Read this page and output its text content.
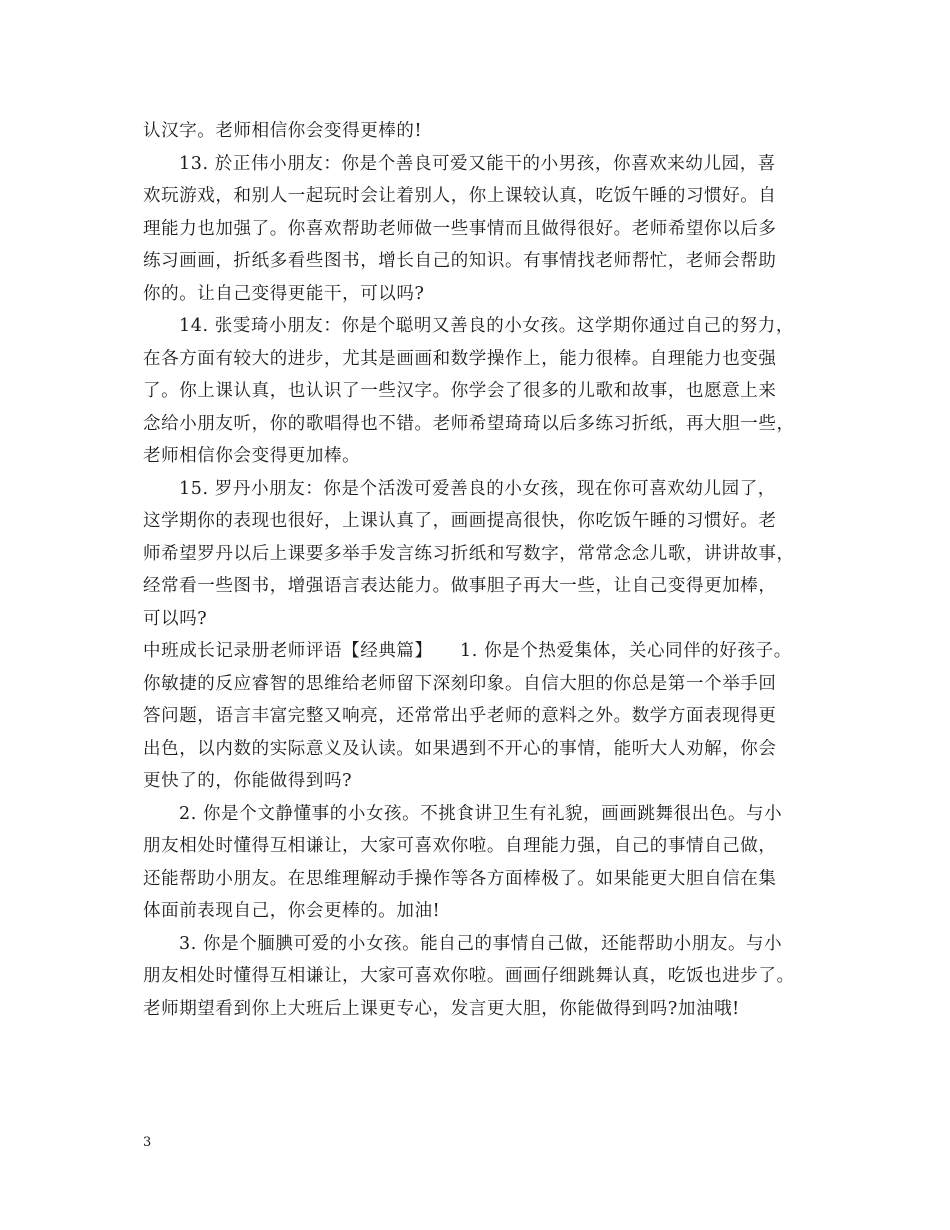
认汉字。老师相信你会变得更棒的!
13. 於正伟小朋友：你是个善良可爱又能干的小男孩，你喜欢来幼儿园，喜
欢玩游戏，和别人一起玩时会让着别人，你上课较认真，吃饭午睡的习惯好。自
理能力也加强了。你喜欢帮助老师做一些事情而且做得很好。老师希望你以后多
练习画画，折纸多看些图书，增长自己的知识。有事情找老师帮忙，老师会帮助
你的。让自己变得更能干，可以吗?
14. 张雯琦小朋友：你是个聪明又善良的小女孩。这学期你通过自己的努力，
在各方面有较大的进步，尤其是画画和数学操作上，能力很棒。自理能力也变强
了。你上课认真，也认识了一些汉字。你学会了很多的儿歌和故事，也愿意上来
念给小朋友听，你的歌唱得也不错。老师希望琦琦以后多练习折纸，再大胆一些，
老师相信你会变得更加棒。
15. 罗丹小朋友：你是个活泼可爱善良的小女孩，现在你可喜欢幼儿园了，
这学期你的表现也很好，上课认真了，画画提高很快，你吃饭午睡的习惯好。老
师希望罗丹以后上课要多举手发言练习折纸和写数字，常常念念儿歌，讲讲故事，
经常看一些图书，增强语言表达能力。做事胆子再大一些，让自己变得更加棒，
可以吗?
中班成长记录册老师评语【经典篇】　　1. 你是个热爱集体，关心同伴的好孩子。
你敏捷的反应睿智的思维给老师留下深刻印象。自信大胆的你总是第一个举手回
答问题，语言丰富完整又响亮，还常常出乎老师的意料之外。数学方面表现得更
出色，以内数的实际意义及认读。如果遇到不开心的事情，能听大人劝解，你会
更快了的，你能做得到吗?
2. 你是个文静懂事的小女孩。不挑食讲卫生有礼貌，画画跳舞很出色。与小
朋友相处时懂得互相谦让，大家可喜欢你啦。自理能力强，自己的事情自己做，
还能帮助小朋友。在思维理解动手操作等各方面棒极了。如果能更大胆自信在集
体面前表现自己，你会更棒的。加油!
3. 你是个腼腆可爱的小女孩。能自己的事情自己做，还能帮助小朋友。与小
朋友相处时懂得互相谦让，大家可喜欢你啦。画画仔细跳舞认真，吃饭也进步了。
老师期望看到你上大班后上课更专心，发言更大胆，你能做得到吗?加油哦!
3
